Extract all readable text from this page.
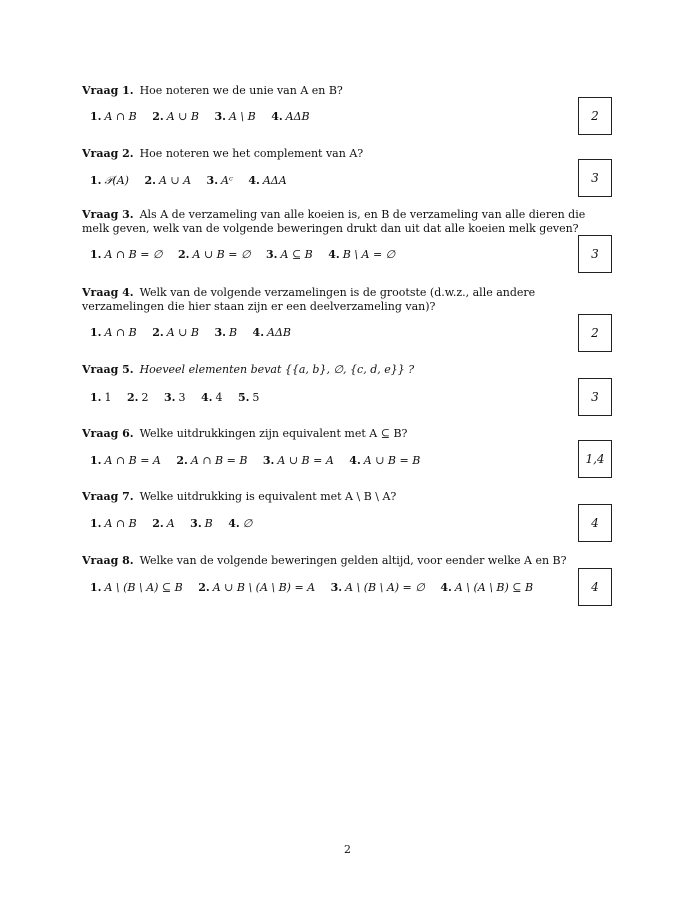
Vraag 1. Hoe noteren we de unie van A en B?
1. A ∩ B 2. A ∪ B 3. A \ B 4. AΔB	2
Vraag 2. Hoe noteren we het complement van A?
1. 𝒫(A) 2. A ∪ A 3. Aᶜ 4. AΔA	3
Vraag 3. Als A de verzameling van alle koeien is, en B de verzameling van alle dieren die melk geven, welk van de volgende beweringen drukt dan uit dat alle koeien melk geven?
1. A ∩ B = ∅ 2. A ∪ B = ∅ 3. A ⊆ B 4. B \ A = ∅	3
Vraag 4. Welk van de volgende verzamelingen is de grootste (d.w.z., alle andere verzamelingen die hier staan zijn er een deelverzameling van)?
1. A ∩ B 2. A ∪ B 3. B 4. AΔB	2
Vraag 5. Hoeveel elementen bevat {{a, b}, ∅, {c, d, e}} ?
1. 1 2. 2 3. 3 4. 4 5. 5	3
Vraag 6. Welke uitdrukkingen zijn equivalent met A ⊆ B?
1. A ∩ B = A 2. A ∩ B = B 3. A ∪ B = A 4. A ∪ B = B	1,4
Vraag 7. Welke uitdrukking is equivalent met A \ B \ A?
1. A ∩ B 2. A 3. B 4. ∅	4
Vraag 8. Welke van de volgende beweringen gelden altijd, voor eender welke A en B?
1. A \ (B \ A) ⊆ B 2. A ∪ B \ (A \ B) = A 3. A \ (B \ A) = ∅ 4. A \ (A \ B) ⊆ B	4
2
